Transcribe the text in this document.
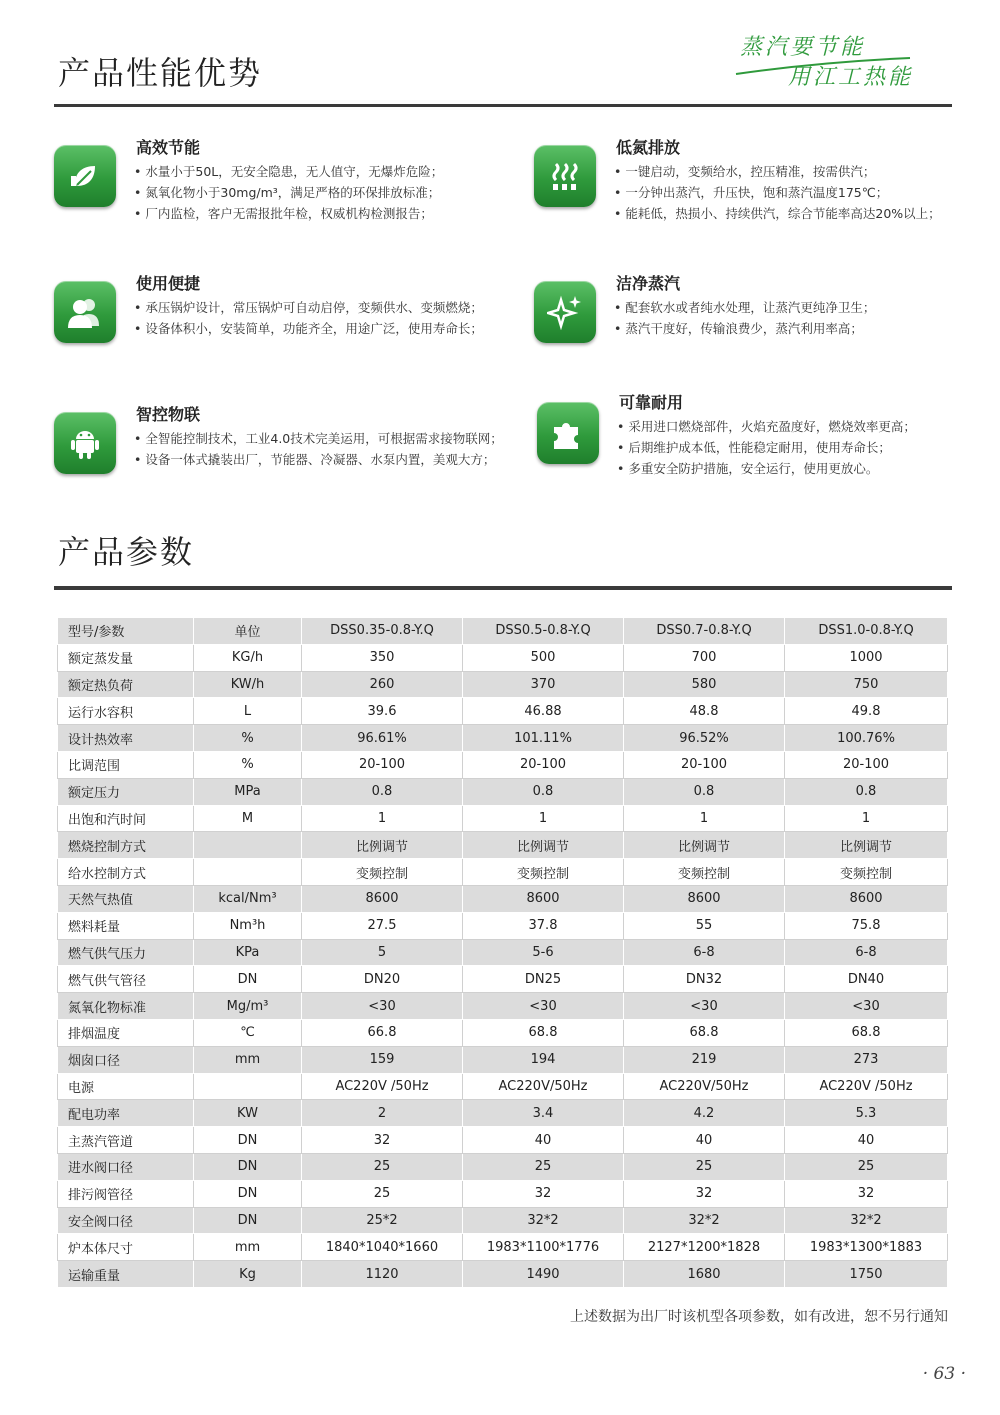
产品性能优势
蒸汽要节能
用江工热能
高效节能
• 水量小于50L，无安全隐患，无人值守，无爆炸危险；
• 氮氧化物小于30mg/m³，满足严格的环保排放标准；
• 厂内监检，客户无需报批年检，权威机构检测报告；
低氮排放
• 一键启动，变频给水，控压精准，按需供汽；
• 一分钟出蒸汽，升压快，饱和蒸汽温度175℃；
• 能耗低，热损小、持续供汽，综合节能率高达20%以上；
使用便捷
• 承压锅炉设计，常压锅炉可自动启停，变频供水、变频燃烧；
• 设备体积小，安装简单，功能齐全，用途广泛，使用寿命长；
洁净蒸汽
• 配套软水或者纯水处理，让蒸汽更纯净卫生；
• 蒸汽干度好，传输浪费少，蒸汽利用率高；
智控物联
• 全智能控制技术，工业4.0技术完美运用，可根据需求接物联网；
• 设备一体式撬装出厂，节能器、冷凝器、水泵内置，美观大方；
可靠耐用
• 采用进口燃烧部件，火焰充盈度好，燃烧效率更高；
• 后期维护成本低，性能稳定耐用，使用寿命长；
• 多重安全防护措施，安全运行，使用更放心。
产品参数
型号/参数	单位	DSS0.35-0.8-Y.Q	DSS0.5-0.8-Y.Q	DSS0.7-0.8-Y.Q	DSS1.0-0.8-Y.Q
额定蒸发量	KG/h	350	500	700	1000
额定热负荷	KW/h	260	370	580	750
运行水容积	L	39.6	46.88	48.8	49.8
设计热效率	%	96.61%	101.11%	96.52%	100.76%
比调范围	%	20-100	20-100	20-100	20-100
额定压力	MPa	0.8	0.8	0.8	0.8
出饱和汽时间	M	1	1	1	1
燃烧控制方式		比例调节	比例调节	比例调节	比例调节
给水控制方式		变频控制	变频控制	变频控制	变频控制
天然气热值	kcal/Nm³	8600	8600	8600	8600
燃料耗量	Nm³h	27.5	37.8	55	75.8
燃气供气压力	KPa	5	5-6	6-8	6-8
燃气供气管径	DN	DN20	DN25	DN32	DN40
氮氧化物标准	Mg/m³	<30	<30	<30	<30
排烟温度	℃	66.8	68.8	68.8	68.8
烟囱口径	mm	159	194	219	273
电源		AC220V /50Hz	AC220V/50Hz	AC220V/50Hz	AC220V /50Hz
配电功率	KW	2	3.4	4.2	5.3
主蒸汽管道	DN	32	40	40	40
进水阀口径	DN	25	25	25	25
排污阀管径	DN	25	32	32	32
安全阀口径	DN	25*2	32*2	32*2	32*2
炉本体尺寸	mm	1840*1040*1660	1983*1100*1776	2127*1200*1828	1983*1300*1883
运输重量	Kg	1120	1490	1680	1750
上述数据为出厂时该机型各项参数，如有改进，恕不另行通知
· 63 ·
